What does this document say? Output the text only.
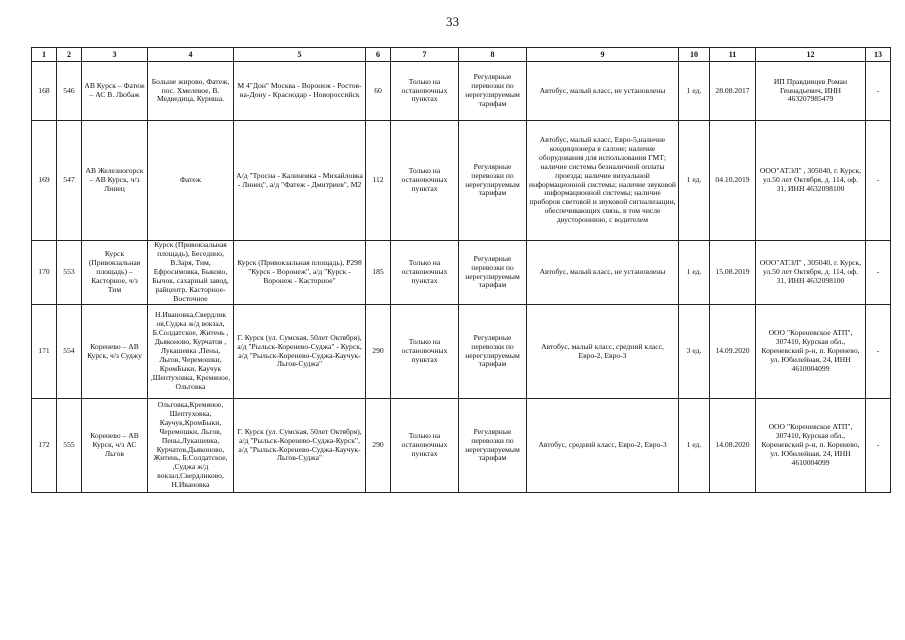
33
1	2	3	4	5	6	7	8	9	10	11	12	13
168	546	АВ Курск – Фатеж – АС В. Любаж	Больше жирово, Фатеж, пос. Хмелевое, В. Медведица, Куриша.	М 4"Дон" Москва - Воронеж - Ростов-на-Дону - Краснодар - Новороссийск	60	Только на остановочных пунктах	Регулярные перевозки по нерегулируемым тарифам	Автобус, малый класс, не установлены	1 ед.	28.08.2017	ИП Правдивцев Роман Геннадьевич, ИНН 463207985479	-
169	547	АВ Железногорск – АВ Курск, ч/з Линец	Фатеж	А/д "Тросна - Калиновка - Михайловка - Линец", а/д "Фатеж - Дмитриев", М2	112	Только на остановочных пунктах	Регулярные перевозки по нерегулируемым тарифам	Автобус, малый класс, Евро-5,наличие кондиционера в салоне; наличие оборудования для использования ГМТ; наличие системы безналичной оплаты проезда; наличие визуальной информационной системы; наличие звуковой информационной системы; наличие приборов световой и звуковой сигнализации, обеспечивающих связь, в том числе двустороннюю, с водителем	1 ед.	04.10.2019	ООО"АТЭЛ" , 305040, г. Курск, ул.50 лет Октября, д. 114, оф. 31, ИНН 4632098100	-
170	553	Курск (Привокзальная площадь) – Касторное, ч/з Тим	Курск (Привокзальная площадь), Беседино, В.Заря, Тим, Ефросимовка, Быково, Бычок, сахарный завод, райцентр, Касторное-Восточное	Курск (Привокзальная площадь), Р298 "Курск - Воронеж", а/д "Курск - Воронеж - Касторное"	185	Только на остановочных пунктах	Регулярные перевозки по нерегулируемым тарифам	Автобус, малый класс, не установлены	1 ед.	15.08.2019	ООО"АТЭЛ" , 305040, г. Курск, ул.50 лет Октября, д. 114, оф. 31, ИНН 4632098100	-
171	554	Коренево – АВ Курск, ч/з Суджу	Н.Ивановка,Свердлик ов,Суджа ж/д вокзал, Б.Солдатское, Житень , Дьяконово, Курчатов , Лукашевка ,Пены, Льгов, Черемошки, КромБыки, Каучук ,Шептуховка, Кремяное, Ольговка	Г. Курск (ул. Сумская, 50лет Октября), а/д "Рыльск-Коренево-Суджа" - Курск, а/д "Рыльск-Коренево-Суджа-Каучук-Льгов-Суджа"	290	Только на остановочных пунктах	Регулярные перевозки по нерегулируемым тарифам	Автобус, малый класс, средний класс, Евро-2, Евро-3	3 ед.	14.09.2020	ООО "Кореневское АТП", 307410, Курская обл., Кореневский р-н, п. Коренево, ул. Юбилейная, 24, ИНН 4610004099	-
172	555	Коренево – АВ Курск, ч/з АС Льгов	Ольговка,Кремяное, Шептуховка, Каучук,КромБыки, Черемошки, Льгов, Пены,Лукашевка, Курчатов,Дьяконово, Житень, Б.Солдатское, ,Суджа ж/д вокзал,Свердликово, Н.Ивановка	Г. Курск (ул. Сумская, 50лет Октября), а/д "Рыльск-Коренево-Суджа-Курск", а/д "Рыльск-Коренево-Суджа-Каучук-Льгов-Суджа"	290	Только на остановочных пунктах	Регулярные перевозки по нерегулируемым тарифам	Автобус, средний класс, Евро-2, Евро-3	1 ед.	14.08.2020	ООО "Кореневское АТП", 307410, Курская обл., Кореневский р-н, п. Коренево, ул. Юбилейная, 24, ИНН 4610004099	-
